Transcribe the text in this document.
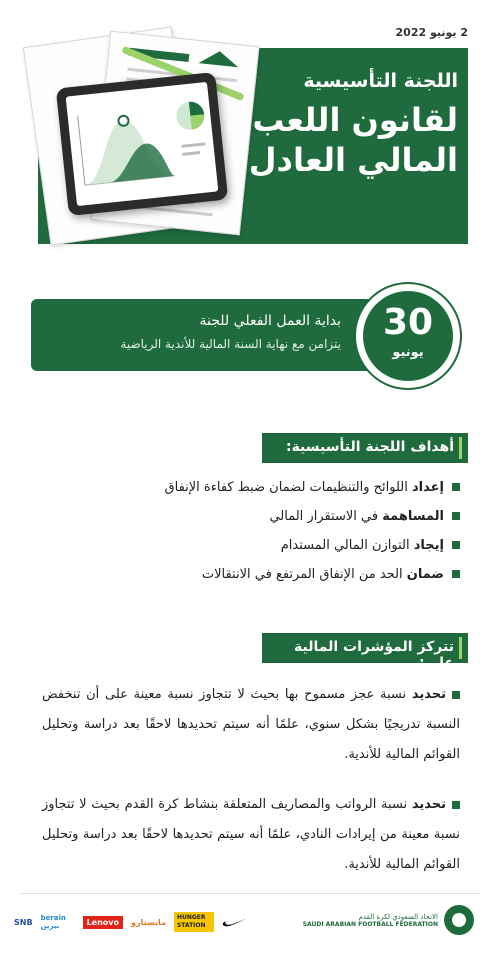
2 يونيو 2022
اللجنة التأسيسية
لقانون اللعب
المالي العادل
بداية العمل الفعلي للجنة
يتزامن مع نهاية السنة المالية للأندية الرياضية
30
يونيو
أهداف اللجنة التأسيسية:
إعداد اللوائح والتنظيمات لضمان ضبط كفاءة الإنفاق
المساهمة في الاستقرار المالي
إيجاد التوازن المالي المستدام
ضمان الحد من الإنفاق المرتفع في الانتقالات
تتركز المؤشرات المالية على:
تحديد نسبة عجز مسموح بها بحيث لا تتجاوز نسبة معينة على أن تنخفض النسبة تدريجيًا بشكل سنوي، علمًا أنه سيتم تحديدها لاحقًا بعد دراسة وتحليل القوائم المالية للأندية.
تحديد نسبة الرواتب والمصاريف المتعلقة بنشاط كرة القدم بحيث لا تتجاوز نسبة معينة من إيرادات النادي، علمًا أنه سيتم تحديدها لاحقًا بعد دراسة وتحليل القوائم المالية للأندية.
الاتحاد السعودي لكرة القدم
SAUDI ARABIAN FOOTBALL FEDERATION
SNB berain بيرين	Lenovo	مايستارو	HUNGER STATION
